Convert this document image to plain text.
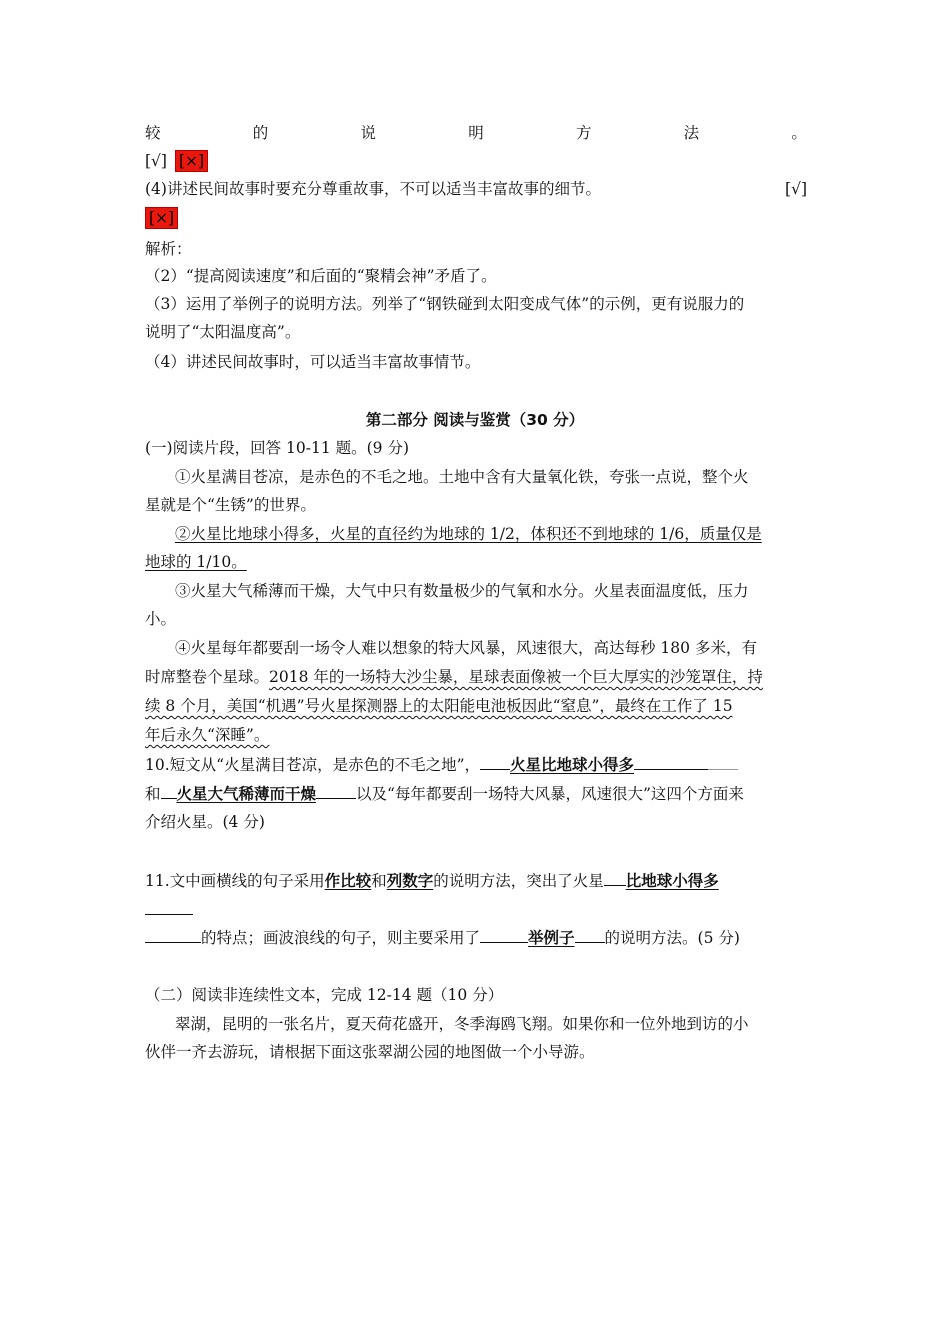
较	的	说	明	方	法	。
[√] [×]
(4)讲述民间故事时要充分尊重故事，不可以适当丰富故事的细节。	[√]
[×]
解析：
（2）“提高阅读速度”和后面的“聚精会神”矛盾了。
（3）运用了举例子的说明方法。列举了“钢铁碰到太阳变成气体”的示例，更有说服力的
说明了“太阳温度高”。
（4）讲述民间故事时，可以适当丰富故事情节。
第二部分 阅读与鉴赏（30 分）
(一)阅读片段，回答 10-11 题。(9 分)
①火星满目苍凉，是赤色的不毛之地。土地中含有大量氧化铁，夸张一点说，整个火
星就是个“生锈”的世界。
②火星比地球小得多，火星的直径约为地球的 1/2，体积还不到地球的 1/6，质量仅是
地球的 1/10。
③火星大气稀薄而干燥，大气中只有数量极少的气氧和水分。火星表面温度低，压力
小。
④火星每年都要刮一场令人难以想象的特大风暴，风速很大，高达每秒 180 多米，有
时席整卷个星球。2018 年的一场特大沙尘暴，星球表面像被一个巨大厚实的沙笼罩住，持
续 8 个月，美国“机遇”号火星探测器上的太阳能电池板因此“窒息”，最终在工作了 15
年后永久“深睡”。
10.短文从“火星满目苍凉，是赤色的不毛之地”， 火星比地球小得多
和 火星大气稀薄而干燥	以及“每年都要刮一场特大风暴，风速很大”这四个方面来
介绍火星。(4 分)
11.文中画横线的句子采用作比较和列数字的说明方法，突出了火星 比地球小得多
的特点；画波浪线的句子，则主要采用了	举例子 的说明方法。(5 分)
（二）阅读非连续性文本，完成 12-14 题（10 分）
翠湖，昆明的一张名片，夏天荷花盛开，冬季海鸥飞翔。如果你和一位外地到访的小
伙伴一齐去游玩，请根据下面这张翠湖公园的地图做一个小导游。
